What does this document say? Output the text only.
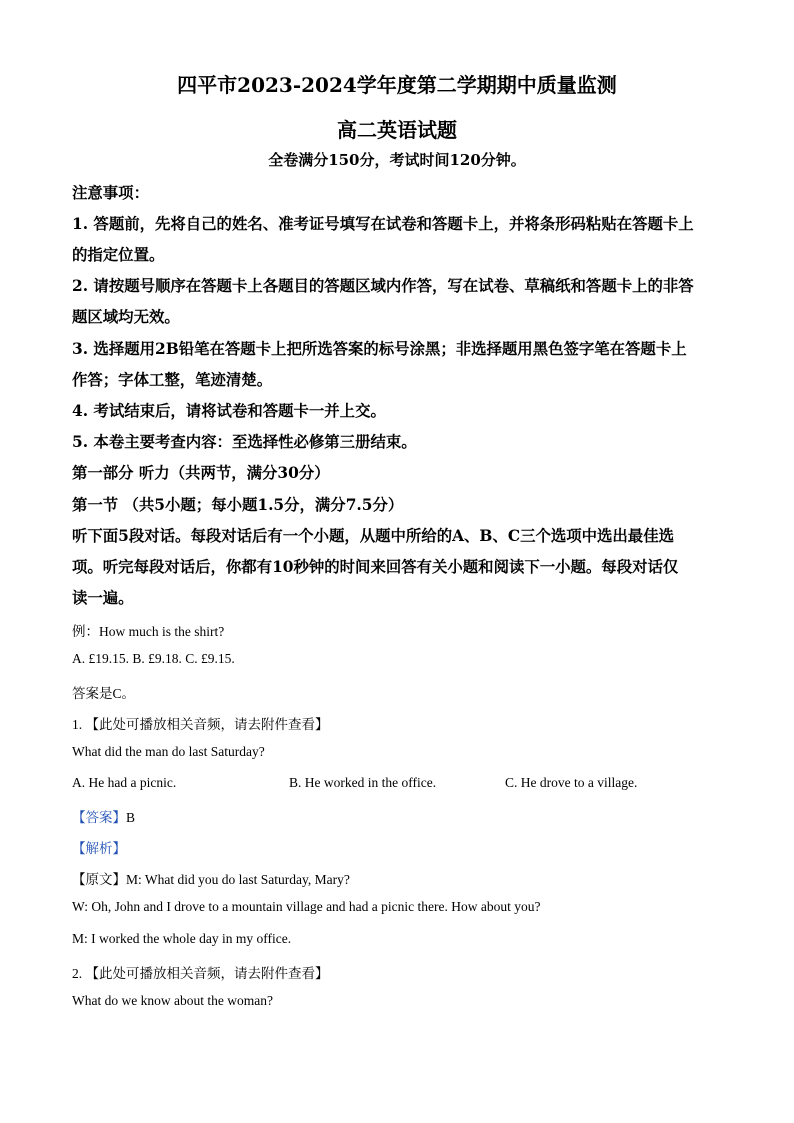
四平市2023-2024学年度第二学期期中质量监测
高二英语试题
全卷满分150分，考试时间120分钟。
注意事项：
1. 答题前，先将自己的姓名、准考证号填写在试卷和答题卡上，并将条形码粘贴在答题卡上
的指定位置。
2. 请按题号顺序在答题卡上各题目的答题区域内作答，写在试卷、草稿纸和答题卡上的非答
题区域均无效。
3. 选择题用2B铅笔在答题卡上把所选答案的标号涂黑；非选择题用黑色签字笔在答题卡上
作答；字体工整，笔迹清楚。
4. 考试结束后，请将试卷和答题卡一并上交。
5. 本卷主要考查内容：至选择性必修第三册结束。
第一部分 听力（共两节，满分30分）
第一节 （共5小题；每小题1.5分，满分7.5分）
听下面5段对话。每段对话后有一个小题，从题中所给的A、B、C三个选项中选出最佳选
项。听完每段对话后，你都有10秒钟的时间来回答有关小题和阅读下一小题。每段对话仅
读一遍。
例：How much is the shirt?
A. £19.15. B. £9.18. C. £9.15.
答案是C。
1. 【此处可播放相关音频，请去附件查看】
What did the man do last Saturday?
A. He had a picnic.	B. He worked in the office.	C. He drove to a village.
【答案】B
【解析】
【原文】M: What did you do last Saturday, Mary?
W: Oh, John and I drove to a mountain village and had a picnic there. How about you?
M: I worked the whole day in my office.
2. 【此处可播放相关音频，请去附件查看】
What do we know about the woman?
